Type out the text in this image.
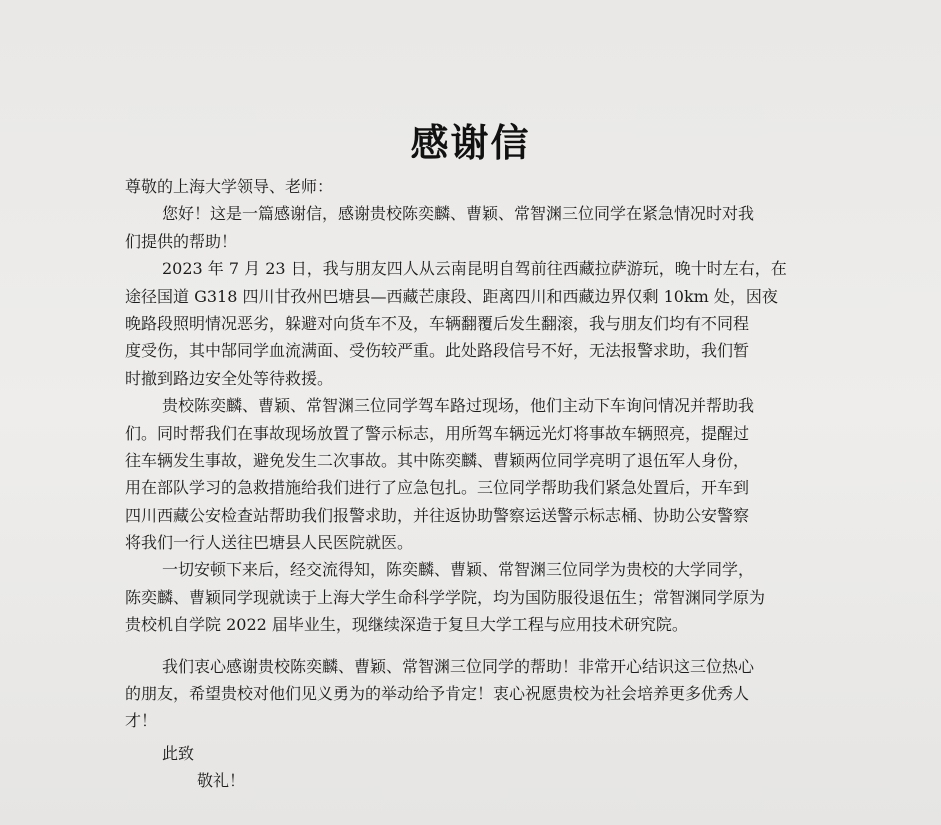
感谢信
尊敬的上海大学领导、老师：
您好！这是一篇感谢信，感谢贵校陈奕麟、曹颖、常智渊三位同学在紧急情况时对我
们提供的帮助！
2023 年 7 月 23 日，我与朋友四人从云南昆明自驾前往西藏拉萨游玩，晚十时左右，在
途径国道 G318 四川甘孜州巴塘县—西藏芒康段、距离四川和西藏边界仅剩 10km 处，因夜
晚路段照明情况恶劣，躲避对向货车不及，车辆翻覆后发生翻滚，我与朋友们均有不同程
度受伤，其中郜同学血流满面、受伤较严重。此处路段信号不好，无法报警求助，我们暂
时撤到路边安全处等待救援。
贵校陈奕麟、曹颖、常智渊三位同学驾车路过现场，他们主动下车询问情况并帮助我
们。同时帮我们在事故现场放置了警示标志，用所驾车辆远光灯将事故车辆照亮，提醒过
往车辆发生事故，避免发生二次事故。其中陈奕麟、曹颖两位同学亮明了退伍军人身份，
用在部队学习的急救措施给我们进行了应急包扎。三位同学帮助我们紧急处置后，开车到
四川西藏公安检查站帮助我们报警求助，并往返协助警察运送警示标志桶、协助公安警察
将我们一行人送往巴塘县人民医院就医。
一切安顿下来后，经交流得知，陈奕麟、曹颖、常智渊三位同学为贵校的大学同学，
陈奕麟、曹颖同学现就读于上海大学生命科学学院，均为国防服役退伍生；常智渊同学原为
贵校机自学院 2022 届毕业生，现继续深造于复旦大学工程与应用技术研究院。
我们衷心感谢贵校陈奕麟、曹颖、常智渊三位同学的帮助！非常开心结识这三位热心
的朋友，希望贵校对他们见义勇为的举动给予肯定！衷心祝愿贵校为社会培养更多优秀人
才！
此致
敬礼！
